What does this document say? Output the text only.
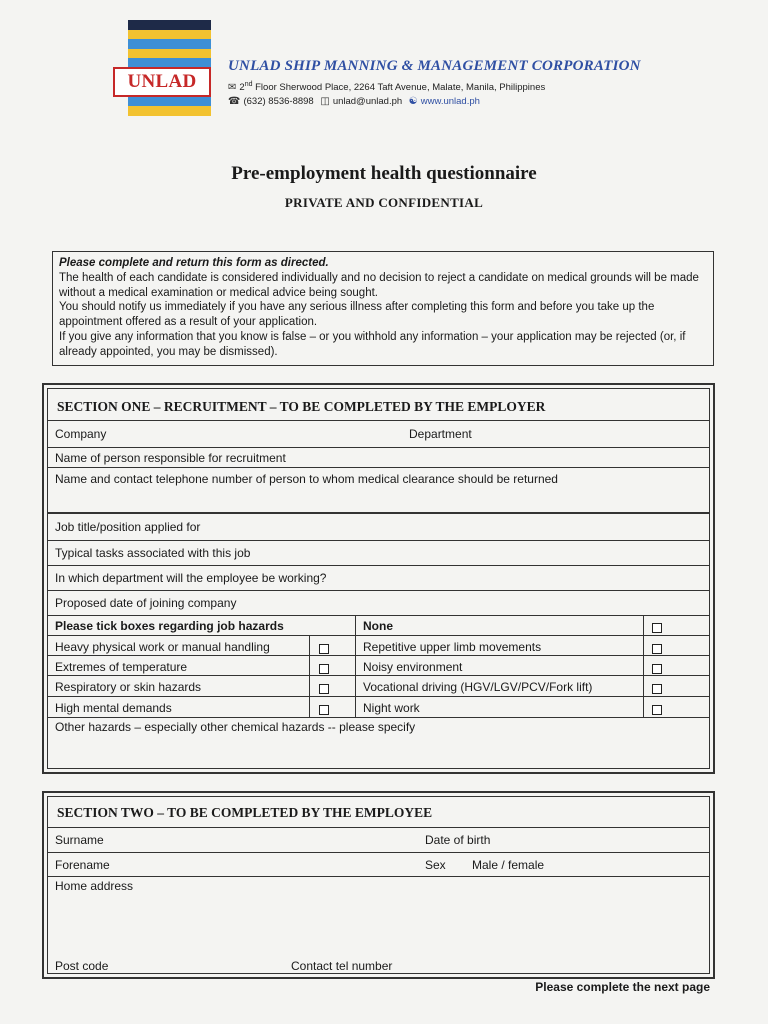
UNLAD
UNLAD SHIP MANNING & MANAGEMENT CORPORATION
✉ 2nd Floor Sherwood Place, 2264 Taft Avenue, Malate, Manila, Philippines
☎ (632) 8536-8898 ◫ unlad@unlad.ph ☯ www.unlad.ph
Pre-employment health questionnaire
PRIVATE AND CONFIDENTIAL
Please complete and return this form as directed.
The health of each candidate is considered individually and no decision to reject a candidate on medical grounds will be made without a medical examination or medical advice being sought.
You should notify us immediately if you have any serious illness after completing this form and before you take up the appointment offered as a result of your application.
If you give any information that you know is false – or you withhold any information – your application may be rejected (or, if already appointed, you may be dismissed).
SECTION ONE – RECRUITMENT – TO BE COMPLETED BY THE EMPLOYER
Company	Department
Name of person responsible for recruitment
Name and contact telephone number of person to whom medical clearance should be returned
Job title/position applied for
Typical tasks associated with this job
In which department will the employee be working?
Proposed date of joining company
Please tick boxes regarding job hazards	None
Heavy physical work or manual handling	Repetitive upper limb movements
Extremes of temperature	Noisy environment
Respiratory or skin hazards	Vocational driving (HGV/LGV/PCV/Fork lift)
High mental demands	Night work
Other hazards – especially other chemical hazards -- please specify
SECTION TWO – TO BE COMPLETED BY THE EMPLOYEE
Surname	Date of birth
Forename	Sex Male / female
Home address
Post code	Contact tel number
Please complete the next page
